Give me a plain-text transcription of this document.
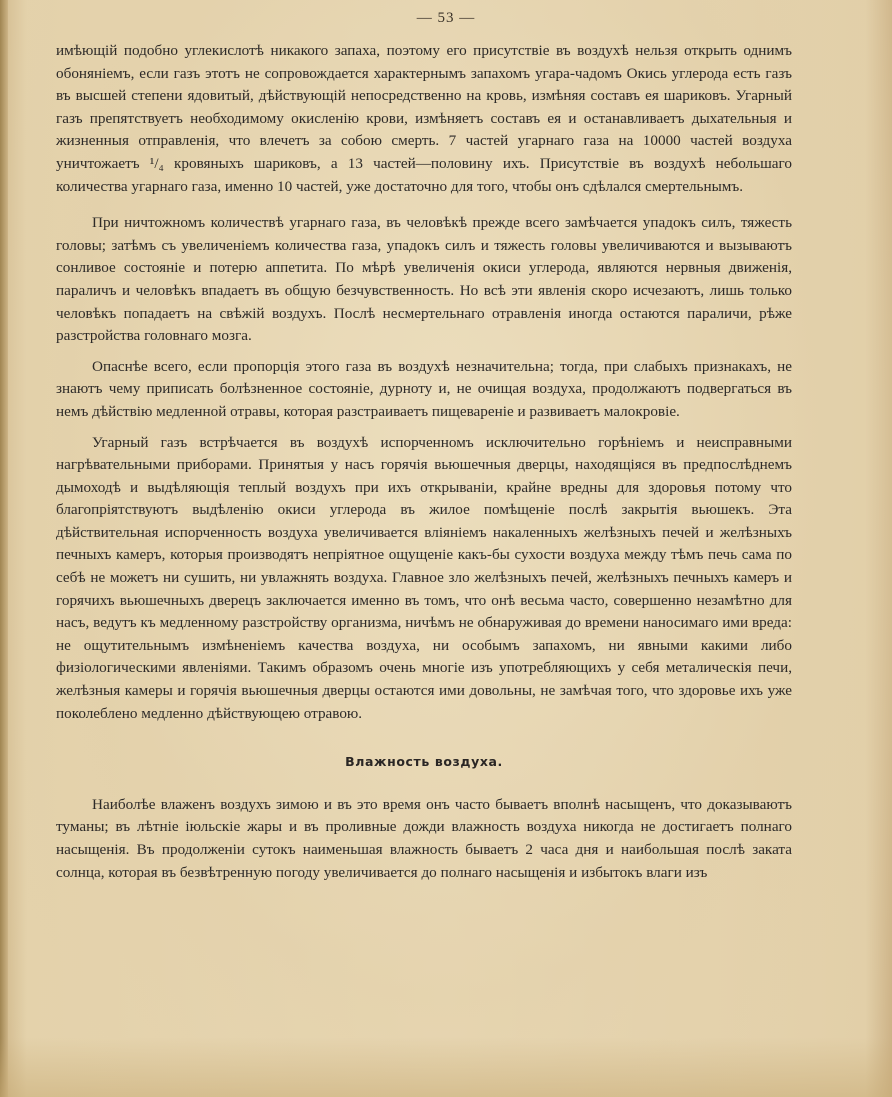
— 53 —

имѣющій подобно углекислотѣ никакого запаха, поэтому его присутствіе въ воздухѣ нельзя открыть однимъ обоняніемъ, если газъ этотъ не сопровождается характернымъ запахомъ угара-чадомъ Окись углерода есть газъ въ высшей степени ядовитый, дѣйствующій непосредственно на кровь, измѣняя составъ ея шариковъ. Угарный газъ препятствуетъ необходимому окисленію крови, измѣняетъ составъ ея и останавливаетъ дыхательныя и жизненныя отправленія, что влечетъ за собою смерть. 7 частей угарнаго газа на 10000 частей воздуха уничтожаетъ ¹/₄ кровяныхъ шариковъ, а 13 частей—половину ихъ. Присутствіе въ воздухѣ небольшаго количества угарнаго газа, именно 10 частей, уже достаточно для того, чтобы онъ сдѣлался смертельнымъ.

При ничтожномъ количествѣ угарнаго газа, въ человѣкѣ прежде всего замѣчается упадокъ силъ, тяжесть головы; затѣмъ съ увеличеніемъ количества газа, упадокъ силъ и тяжесть головы увеличиваются и вызываютъ сонливое состояніе и потерю аппетита. По мѣрѣ увеличенія окиси углерода, являются нервныя движенія, параличъ и человѣкъ впадаетъ въ общую безчувственность. Но всѣ эти явленія скоро исчезаютъ, лишь только человѣкъ попадаетъ на свѣжій воздухъ. Послѣ несмертельнаго отравленія иногда остаются параличи, рѣже разстройства головнаго мозга.

Опаснѣе всего, если пропорція этого газа въ воздухѣ незначительна; тогда, при слабыхъ признакахъ, не знаютъ чему приписать болѣзненное состояніе, дурноту и, не очищая воздуха, продолжаютъ подвергаться въ немъ дѣйствію медленной отравы, которая разстраиваетъ пищевареніе и развиваетъ малокровіе.

Угарный газъ встрѣчается въ воздухѣ испорченномъ исключительно горѣніемъ и неисправными нагрѣвательными приборами. Принятыя у насъ горячія вьюшечныя дверцы, находящіяся въ предпослѣднемъ дымоходѣ и выдѣляющія теплый воздухъ при ихъ открываніи, крайне вредны для здоровья потому что благопріятствуютъ выдѣленію окиси углерода въ жилое помѣщеніе послѣ закрытія вьюшекъ. Эта дѣйствительная испорченность воздуха увеличивается вліяніемъ накаленныхъ желѣзныхъ печей и желѣзныхъ печныхъ камеръ, которыя производятъ непріятное ощущеніе какъ-бы сухости воздуха между тѣмъ печь сама по себѣ не можетъ ни сушить, ни увлажнять воздуха. Главное зло желѣзныхъ печей, желѣзныхъ печныхъ камеръ и горячихъ вьюшечныхъ дверецъ заключается именно въ томъ, что онѣ весьма часто, совершенно незамѣтно для насъ, ведутъ къ медленному разстройству организма, ничѣмъ не обнаруживая до времени наносимаго ими вреда: не ощутительнымъ измѣненіемъ качества воздуха, ни особымъ запахомъ, ни явными какими либо физіологическими явленіями. Такимъ образомъ очень многіе изъ употребляющихъ у себя металическія печи, желѣзныя камеры и горячія вьюшечныя дверцы остаются ими довольны, не замѣчая того, что здоровье ихъ уже поколеблено медленно дѣйствующею отравою.

Влажность воздуха.

Наиболѣе влаженъ воздухъ зимою и въ это время онъ часто бываетъ вполнѣ насыщенъ, что доказываютъ туманы; въ лѣтніе іюльскіе жары и въ проливные дожди влажность воздуха никогда не достигаетъ полнаго насыщенія. Въ продолженіи сутокъ наименьшая влажность бываетъ 2 часа дня и наибольшая послѣ заката солнца, которая въ безвѣтренную погоду увеличивается до полнаго насыщенія и избытокъ влаги изъ
